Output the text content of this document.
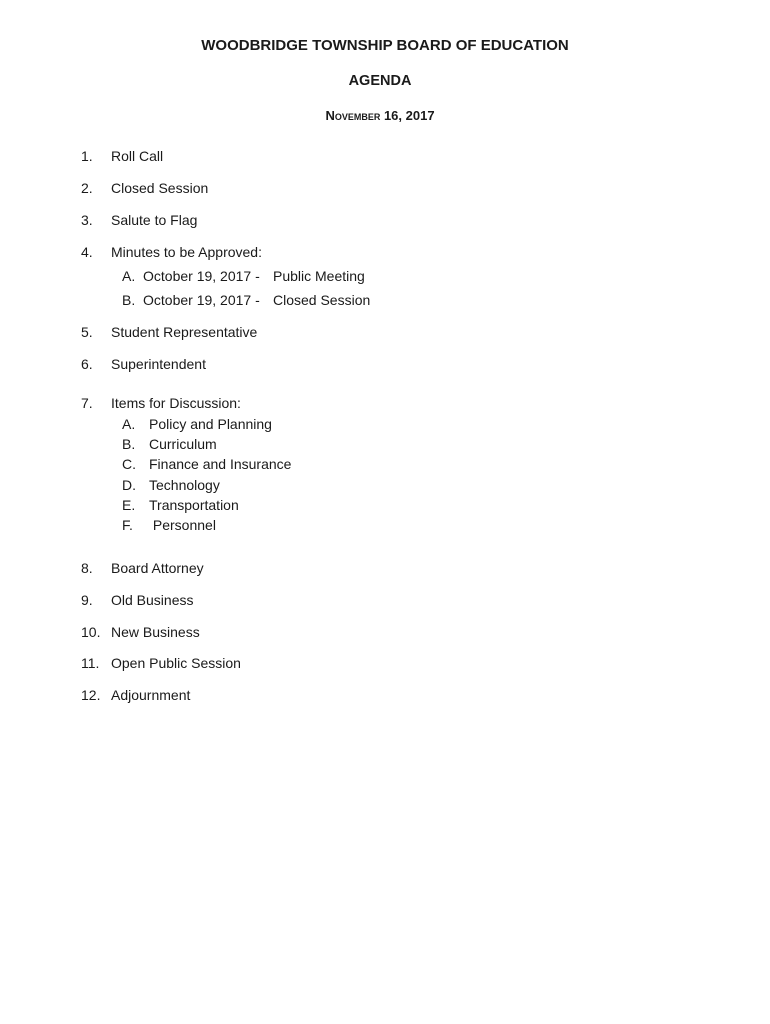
WOODBRIDGE TOWNSHIP BOARD OF EDUCATION
AGENDA
November 16, 2017
1. Roll Call
2. Closed Session
3. Salute to Flag
4. Minutes to be Approved:
A. October 19, 2017 - Public Meeting
B. October 19, 2017 - Closed Session
5. Student Representative
6. Superintendent
7. Items for Discussion:
A. Policy and Planning
B. Curriculum
C. Finance and Insurance
D. Technology
E. Transportation
F. Personnel
8. Board Attorney
9. Old Business
10. New Business
11. Open Public Session
12. Adjournment
